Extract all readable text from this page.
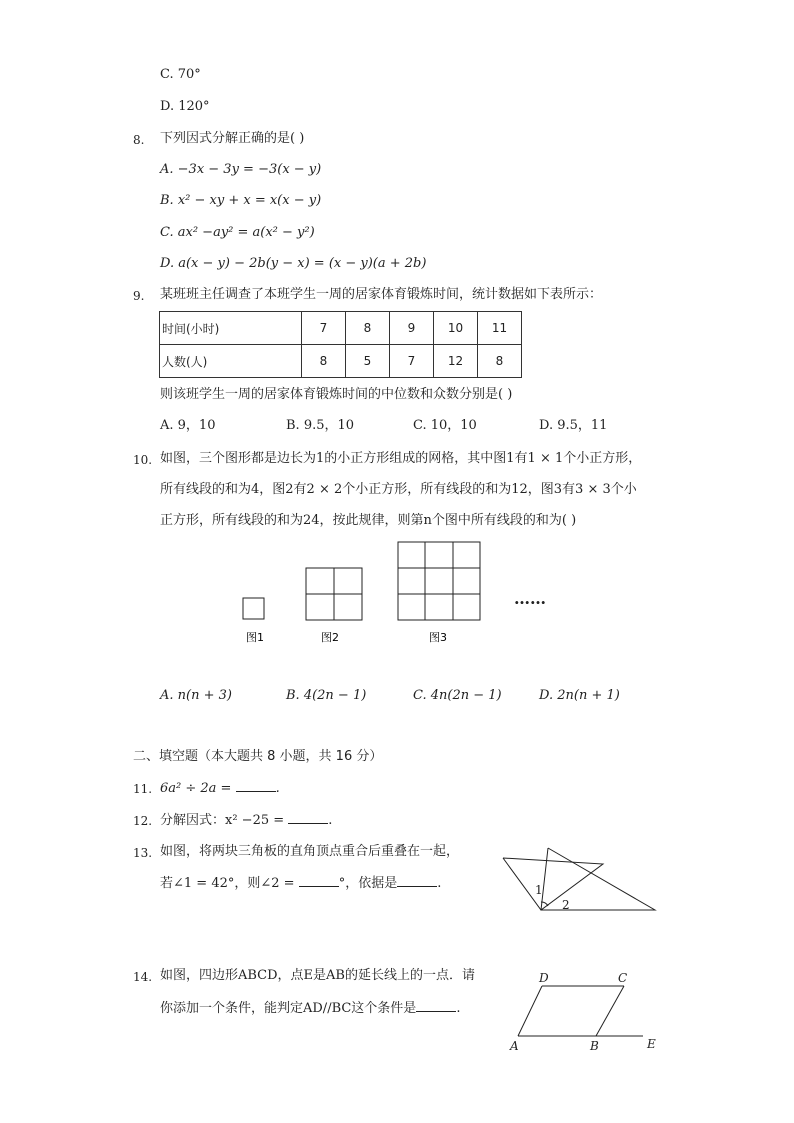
C. 70°
D. 120°
8. 下列因式分解正确的是( )
A. −3x − 3y = −3(x − y)
B. x² − xy + x = x(x − y)
C. ax² −ay² = a(x² − y²)
D. a(x − y) − 2b(y − x) = (x − y)(a + 2b)
9. 某班班主任调查了本班学生一周的居家体育锻炼时间，统计数据如下表所示：
时间(小时)	7	8	9	10	11
人数(人)	8	5	7	12	8
则该班学生一周的居家体育锻炼时间的中位数和众数分别是( )
A. 9，10	B. 9.5，10	C. 10，10	D. 9.5，11
10. 如图，三个图形都是边长为1的小正方形组成的网格，其中图1有1 × 1个小正方形，
所有线段的和为4，图2有2 × 2个小正方形，所有线段的和为12，图3有3 × 3个小
正方形，所有线段的和为24，按此规律，则第n个图中所有线段的和为( )
图1	图2	图3
……
A. n(n + 3)	B. 4(2n − 1)	C. 4n(2n − 1)	D. 2n(n + 1)
二、填空题（本大题共 8 小题，共 16 分）
11. 6a² ÷ 2a =	.
12. 分解因式：x² −25 =	.
13. 如图，将两块三角板的直角顶点重合后重叠在一起，
若∠1 = 42°，则∠2 =	°，依据是	.	1
2
14. 如图，四边形ABCD，点E是AB的延长线上的一点．请
你添加一个条件，能判定AD//BC这个条件是	.
A	B
C
D
E
